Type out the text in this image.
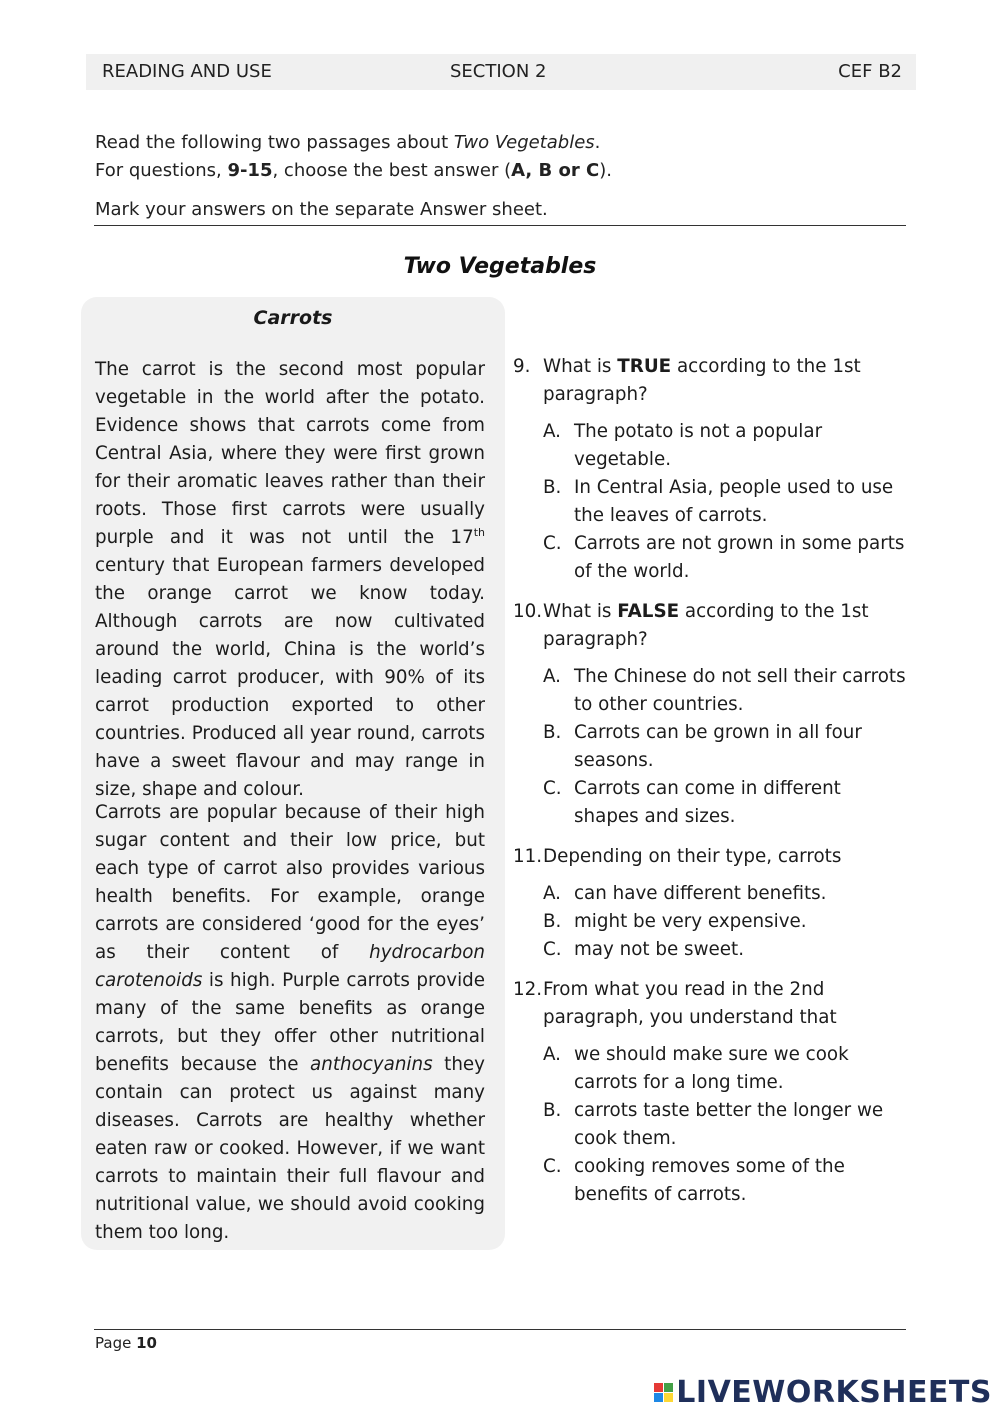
READING AND USE	SECTION 2	CEF B2
Read the following two passages about Two Vegetables.
For questions, 9-15, choose the best answer (A, B or C).
Mark your answers on the separate Answer sheet.
Two Vegetables
Carrots

The carrot is the second most popular vegetable in the world after the potato. Evidence shows that carrots come from Central Asia, where they were first grown for their aromatic leaves rather than their roots. Those first carrots were usually purple and it was not until the 17th century that European farmers developed the orange carrot we know today. Although carrots are now cultivated around the world, China is the world’s leading carrot producer, with 90% of its carrot production exported to other countries. Produced all year round, carrots have a sweet flavour and may range in size, shape and colour.

Carrots are popular because of their high sugar content and their low price, but each type of carrot also provides various health benefits. For example, orange carrots are considered ‘good for the eyes’ as their content of hydrocarbon carotenoids is high. Purple carrots provide many of the same benefits as orange carrots, but they offer other nutritional benefits because the anthocyanins they contain can protect us against many diseases. Carrots are healthy whether eaten raw or cooked. However, if we want carrots to maintain their full flavour and nutritional value, we should avoid cooking them too long.

9. What is TRUE according to the 1st paragraph?
A. The potato is not a popular vegetable.
B. In Central Asia, people used to use the leaves of carrots.
C. Carrots are not grown in some parts of the world.
10. What is FALSE according to the 1st paragraph?
A. The Chinese do not sell their carrots to other countries.
B. Carrots can be grown in all four seasons.
C. Carrots can come in different shapes and sizes.
11. Depending on their type, carrots
A. can have different benefits.
B. might be very expensive.
C. may not be sweet.
12. From what you read in the 2nd paragraph, you understand that
A. we should make sure we cook carrots for a long time.
B. carrots taste better the longer we cook them.
C. cooking removes some of the benefits of carrots.
Page 10
LIVEWORKSHEETS
